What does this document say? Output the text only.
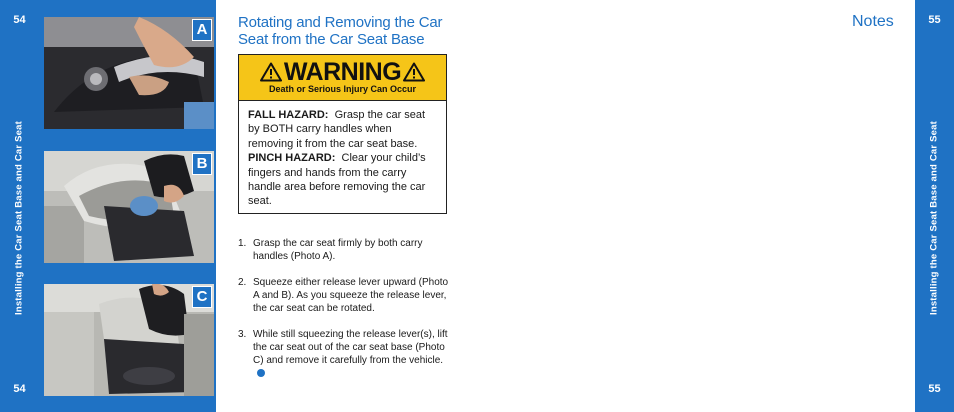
54
Installing the Car Seat Base and Car Seat
54
A
B
C
Rotating and Removing the Car Seat from the Car Seat Base
WARNING
Death or Serious Injury Can Occur
FALL HAZARD: Grasp the car seat by BOTH carry handles when removing it from the car seat base.
PINCH HAZARD: Clear your child’s fingers and hands from the carry handle area before removing the car seat.
1. Grasp the car seat firmly by both carry handles (Photo A).
2. Squeeze either release lever upward (Photo A and B). As you squeeze the release lever, the car seat can be rotated.
3. While still squeezing the release lever(s), lift the car seat out of the car seat base (Photo C) and remove it carefully from the vehicle.
Notes	55
Installing the Car Seat Base and Car Seat
55
